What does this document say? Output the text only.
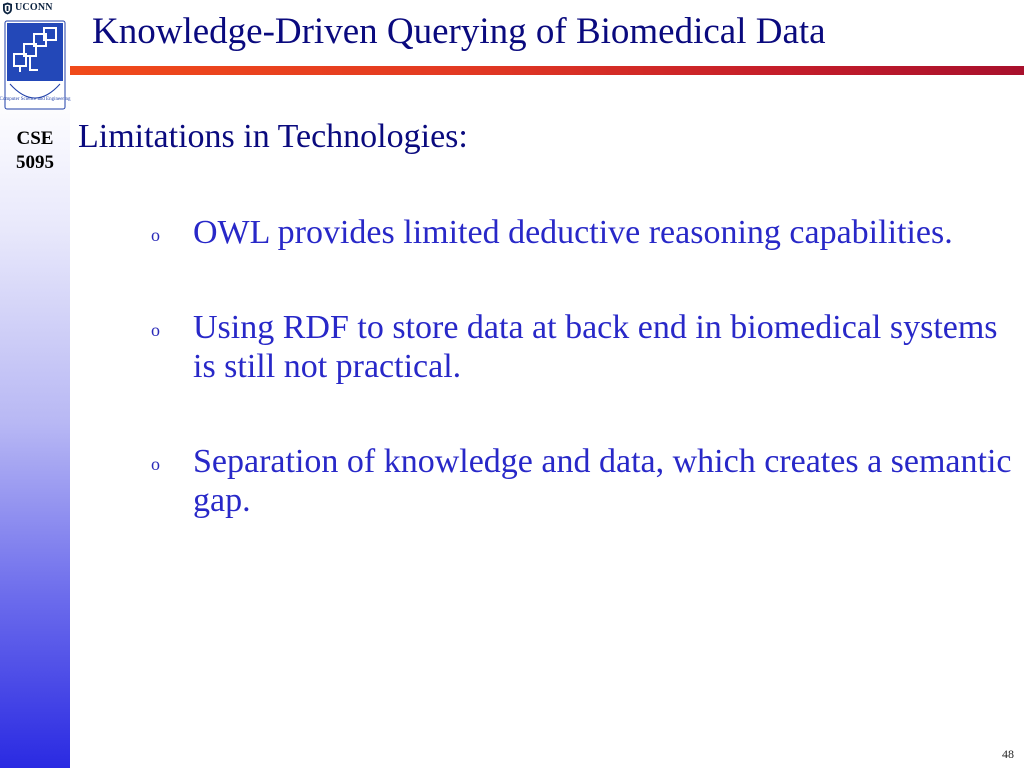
UCONN
Computer Science and Engineering
CSE
5095
Knowledge-Driven Querying of Biomedical Data
Limitations in Technologies:
o OWL provides limited deductive reasoning capabilities.
o Using RDF to store data at back end in biomedical systems is still not practical.
o Separation of knowledge and data, which creates a semantic gap.
48
